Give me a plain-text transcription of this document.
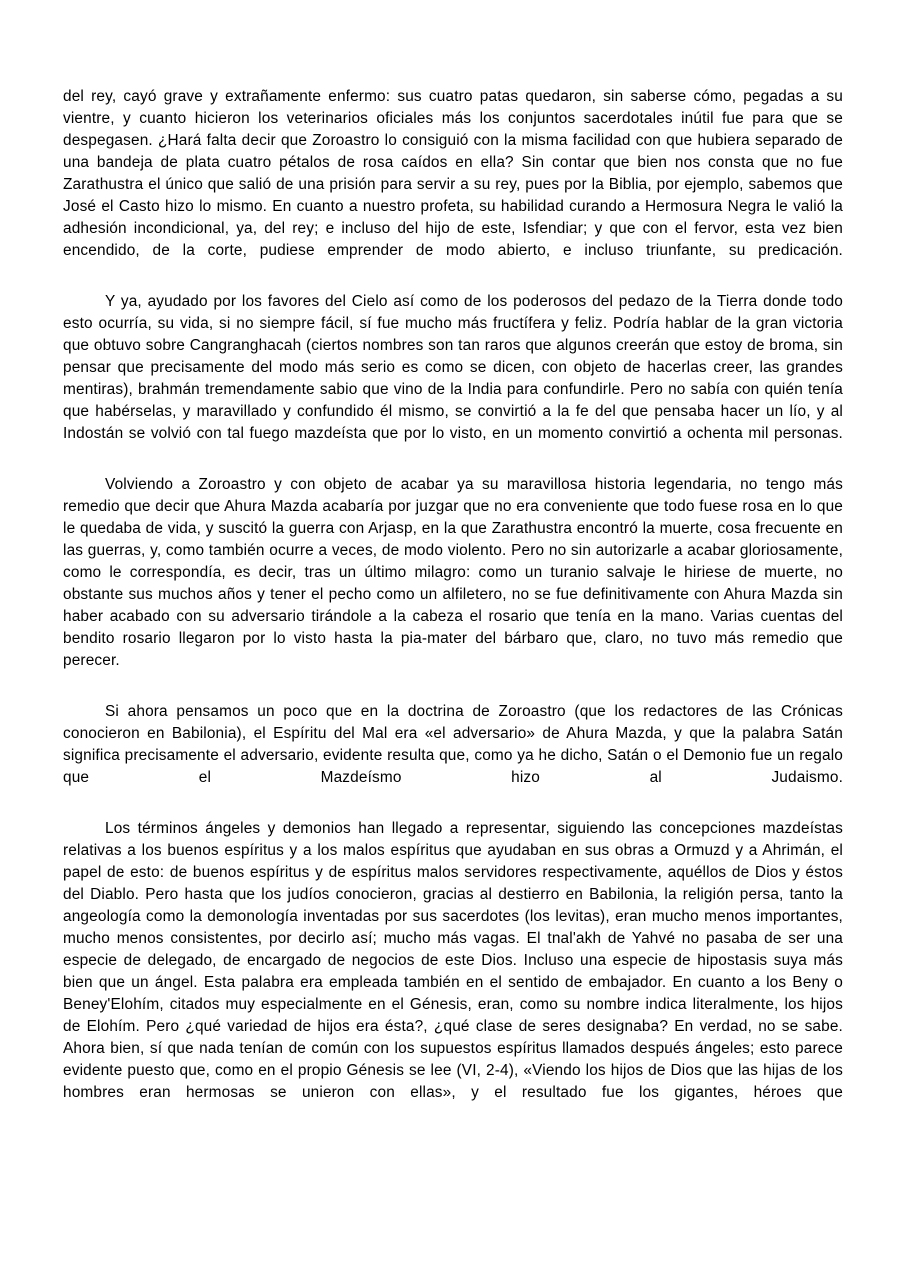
del rey, cayó grave y extrañamente enfermo: sus cuatro patas quedaron, sin saberse cómo, pegadas a su vientre, y cuanto hicieron los veterinarios oficiales más los conjuntos sacerdotales inútil fue para que se despegasen. ¿Hará falta decir que Zoroastro lo consiguió con la misma facilidad con que hubiera separado de una bandeja de plata cuatro pétalos de rosa caídos en ella? Sin contar que bien nos consta que no fue Zarathustra el único que salió de una prisión para servir a su rey, pues por la Biblia, por ejemplo, sabemos que José el Casto hizo lo mismo. En cuanto a nuestro profeta, su habilidad curando a Hermosura Negra le valió la adhesión incondicional, ya, del rey; e incluso del hijo de este, Isfendiar; y que con el fervor, esta vez bien encendido, de la corte, pudiese emprender de modo abierto, e incluso triunfante, su predicación.

Y ya, ayudado por los favores del Cielo así como de los poderosos del pedazo de la Tierra donde todo esto ocurría, su vida, si no siempre fácil, sí fue mucho más fructífera y feliz. Podría hablar de la gran victoria que obtuvo sobre Cangranghacah (ciertos nombres son tan raros que algunos creerán que estoy de broma, sin pensar que precisamente del modo más serio es como se dicen, con objeto de hacerlas creer, las grandes mentiras), brahmán tremendamente sabio que vino de la India para confundirle. Pero no sabía con quién tenía que habérselas, y maravillado y confundido él mismo, se convirtió a la fe del que pensaba hacer un lío, y al Indostán se volvió con tal fuego mazdeísta que por lo visto, en un momento convirtió a ochenta mil personas.

Volviendo a Zoroastro y con objeto de acabar ya su maravillosa historia legendaria, no tengo más remedio que decir que Ahura Mazda acabaría por juzgar que no era conveniente que todo fuese rosa en lo que le quedaba de vida, y suscitó la guerra con Arjasp, en la que Zarathustra encontró la muerte, cosa frecuente en las guerras, y, como también ocurre a veces, de modo violento. Pero no sin autorizarle a acabar gloriosamente, como le correspondía, es decir, tras un último milagro: como un turanio salvaje le hiriese de muerte, no obstante sus muchos años y tener el pecho como un alfiletero, no se fue definitivamente con Ahura Mazda sin haber acabado con su adversario tirándole a la cabeza el rosario que tenía en la mano. Varias cuentas del bendito rosario llegaron por lo visto hasta la pia-mater del bárbaro que, claro, no tuvo más remedio que perecer.

Si ahora pensamos un poco que en la doctrina de Zoroastro (que los redactores de las Crónicas conocieron en Babilonia), el Espíritu del Mal era «el adversario» de Ahura Mazda, y que la palabra Satán significa precisamente el adversario, evidente resulta que, como ya he dicho, Satán o el Demonio fue un regalo que el Mazdeísmo hizo al Judaismo.

Los términos ángeles y demonios han llegado a representar, siguiendo las concepciones mazdeístas relativas a los buenos espíritus y a los malos espíritus que ayudaban en sus obras a Ormuzd y a Ahrimán, el papel de esto: de buenos espíritus y de espíritus malos servidores respectivamente, aquéllos de Dios y éstos del Diablo. Pero hasta que los judíos conocieron, gracias al destierro en Babilonia, la religión persa, tanto la angeología como la demonología inventadas por sus sacerdotes (los levitas), eran mucho menos importantes, mucho menos consistentes, por decirlo así; mucho más vagas. El tnal'akh de Yahvé no pasaba de ser una especie de delegado, de encargado de negocios de este Dios. Incluso una especie de hipostasis suya más bien que un ángel. Esta palabra era empleada también en el sentido de embajador. En cuanto a los Beny o Beney'Elohím, citados muy especialmente en el Génesis, eran, como su nombre indica literalmente, los hijos de Elohím. Pero ¿qué variedad de hijos era ésta?, ¿qué clase de seres designaba? En verdad, no se sabe. Ahora bien, sí que nada tenían de común con los supuestos espíritus llamados después ángeles; esto parece evidente puesto que, como en el propio Génesis se lee (VI, 2-4), «Viendo los hijos de Dios que las hijas de los hombres eran hermosas se unieron con ellas», y el resultado fue los gigantes, héroes que
